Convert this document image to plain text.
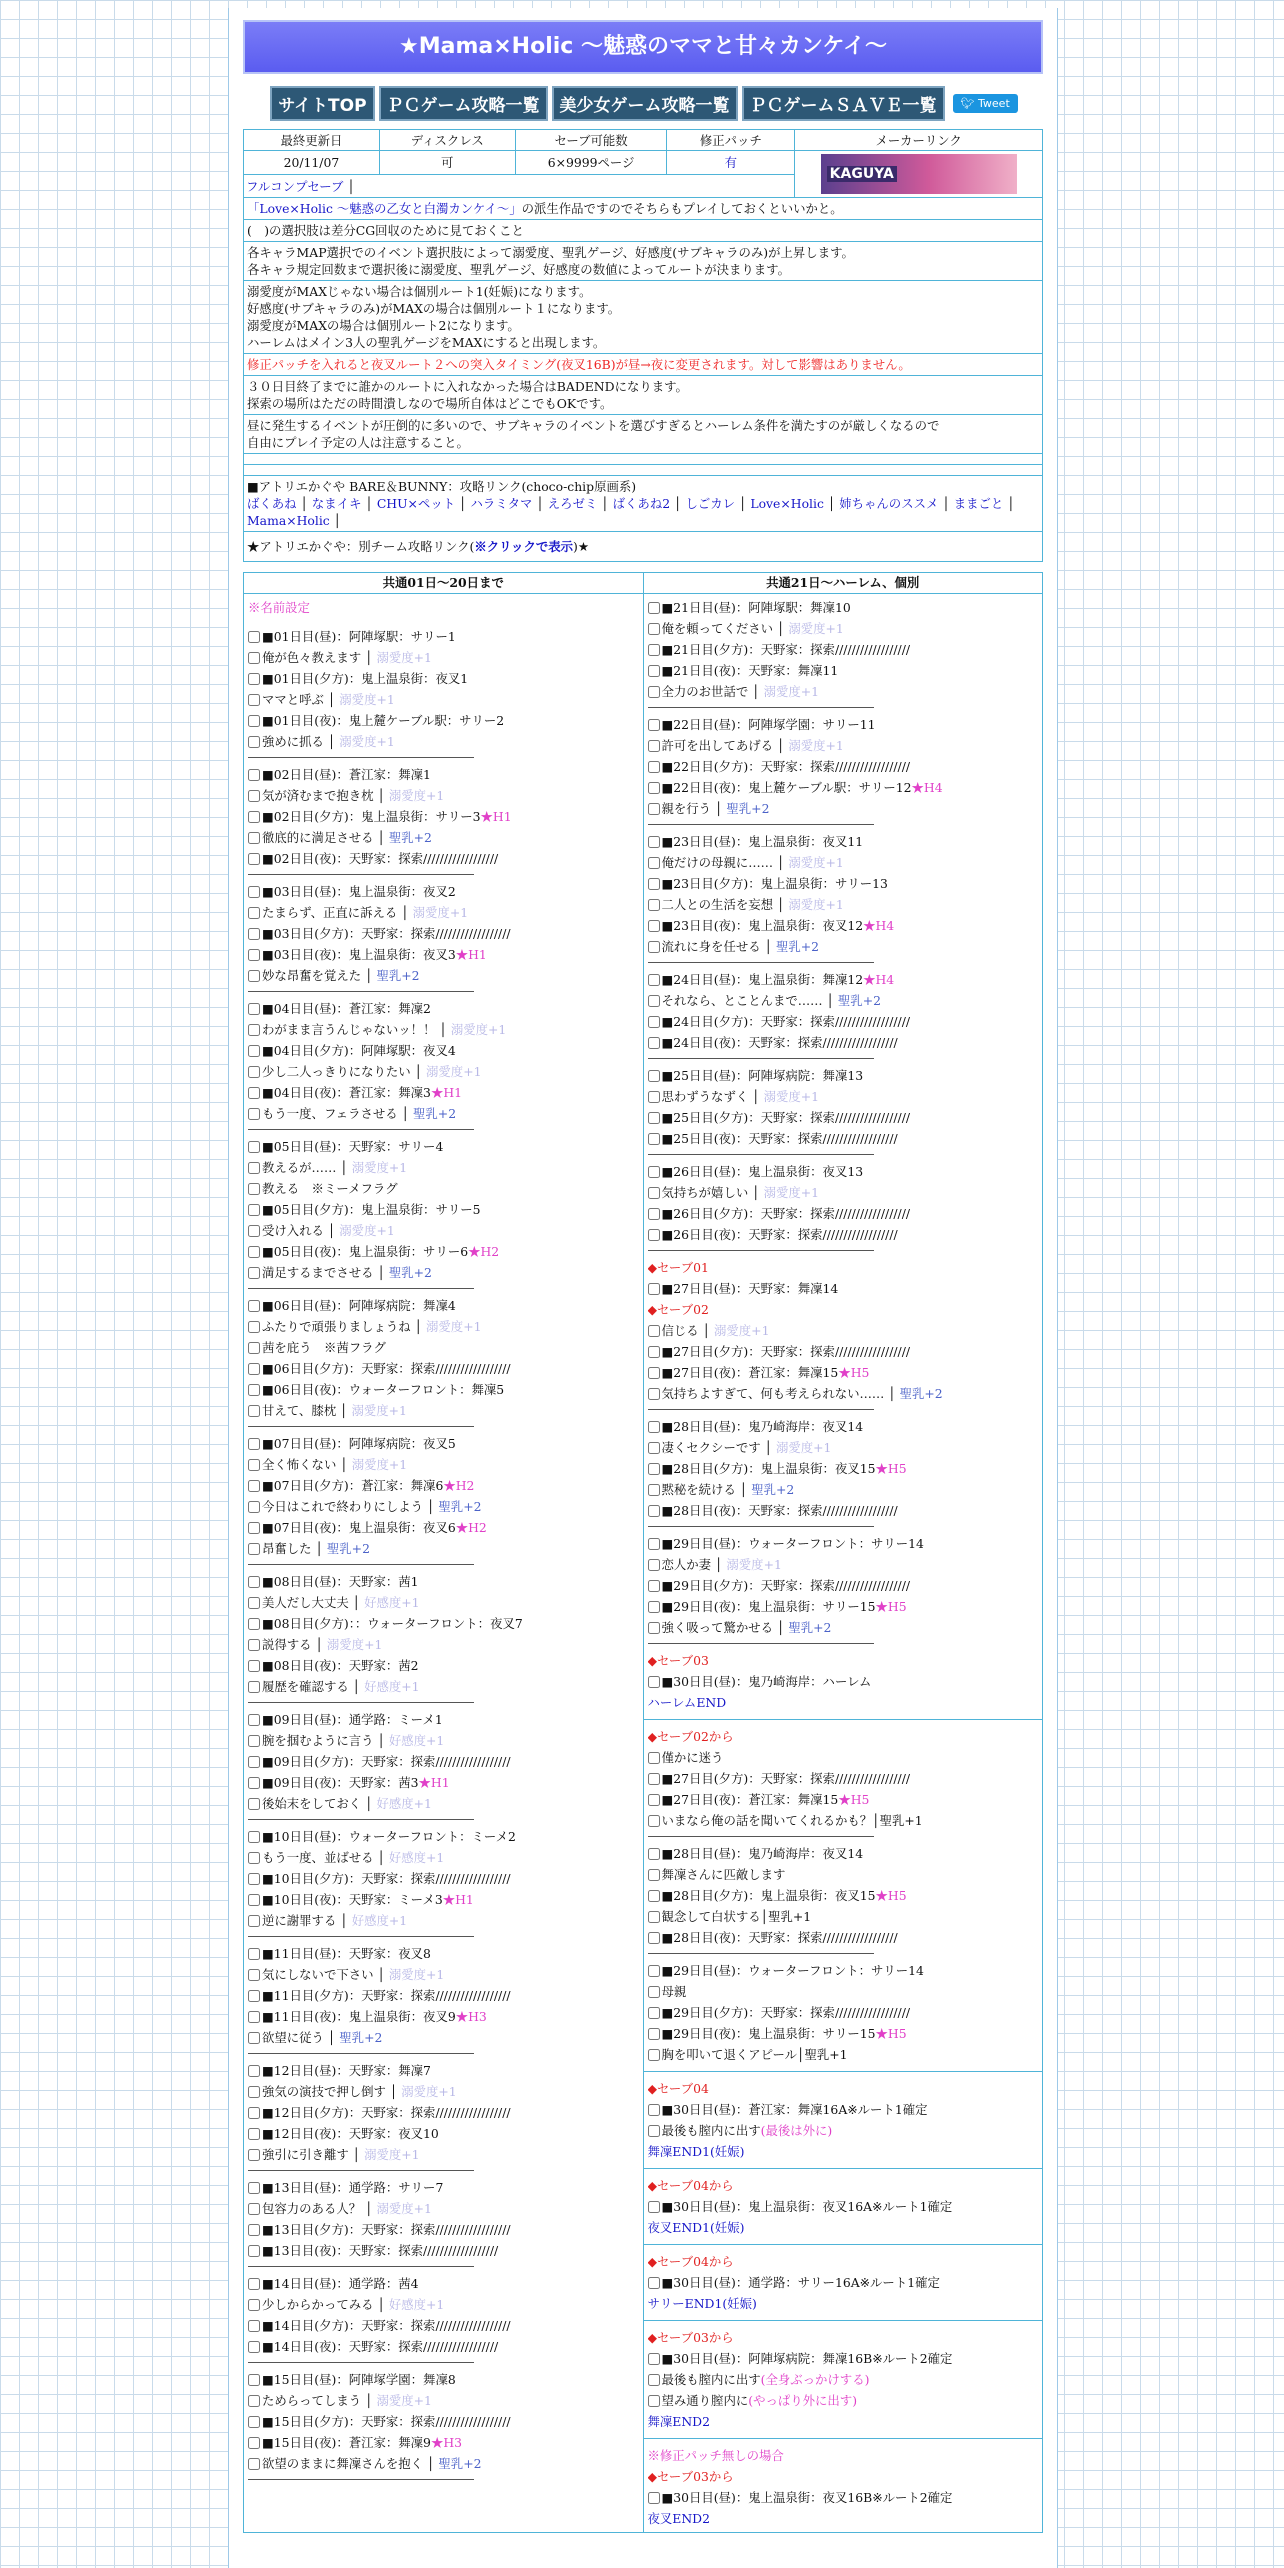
★Mama×Holic ～魅惑のママと甘々カンケイ～
サイトTOP ＰＣゲーム攻略一覧 美少女ゲーム攻略一覧 ＰＣゲームＳＡＶＥ一覧 🐦︎ Tweet
最終更新日	ディスクレス	セーブ可能数	修正パッチ	メーカーリンク
20/11/07	可	6×9999ページ	有	KAGUYA

フルコンプセーブ │				
「Love×Holic ～魅惑の乙女と白濁カンケイ～」の派生作品ですのでそちらもプレイしておくといいかと。
(　)の選択肢は差分CG回収のために見ておくこと
各キャラMAP選択でのイベント選択肢によって溺愛度、聖乳ゲージ、好感度(サブキャラのみ)が上昇します。
各キャラ規定回数まで選択後に溺愛度、聖乳ゲージ、好感度の数値によってルートが決まります。
溺愛度がMAXじゃない場合は個別ルート1(妊娠)になります。
好感度(サブキャラのみ)がMAXの場合は個別ルート１になります。
溺愛度がMAXの場合は個別ルート2になります。
ハーレムはメイン3人の聖乳ゲージをMAXにすると出現します。
修正パッチを入れると夜叉ルート２への突入タイミング(夜叉16B)が昼→夜に変更されます。対して影響はありません。
３０日目終了までに誰かのルートに入れなかった場合はBADENDになります。
探索の場所はただの時間潰しなので場所自体はどこでもOKです。
昼に発生するイベントが圧倒的に多いので、サブキャラのイベントを選びすぎるとハーレム条件を満たすのが厳しくなるので
自由にプレイ予定の人は注意すること。
■アトリエかぐや BARE＆BUNNY：攻略リンク(choco-chip原画系)
ばくあね │ なまイキ │ CHU×ペット │ ハラミタマ │ えろゼミ │ ばくあね2 │ しごカレ │ Love×Holic │ 姉ちゃんのススメ │ ままごと │ Mama×Holic │
★アトリエかぐや：別チーム攻略リンク(※クリックで表示)★
共通01日～20日まで
※名前設定
■01日目(昼)：阿陣塚駅：サリー1
俺が色々教えます │ 溺愛度+1
■01日目(夕方)：鬼上温泉街：夜叉1
ママと呼ぶ │ 溺愛度+1
■01日目(夜)：鬼上麓ケーブル駅：サリー2
強めに抓る │ 溺愛度+1
■02日目(昼)：蒼江家：舞凜1
気が済むまで抱き枕 │ 溺愛度+1
■02日目(夕方)：鬼上温泉街：サリー3★H1
徹底的に満足させる │ 聖乳+2
■02日目(夜)：天野家：探索//////////////////
■03日目(昼)：鬼上温泉街：夜叉2
たまらず、正直に訴える │ 溺愛度+1
■03日目(夕方)：天野家：探索//////////////////
■03日目(夜)：鬼上温泉街：夜叉3★H1
妙な昂奮を覚えた │ 聖乳+2
■04日目(昼)：蒼江家：舞凜2
わがまま言うんじゃないッ！！ │ 溺愛度+1
■04日目(夕方)：阿陣塚駅：夜叉4
少し二人っきりになりたい │ 溺愛度+1
■04日目(夜)：蒼江家：舞凜3★H1
もう一度、フェラさせる │ 聖乳+2
■05日目(昼)：天野家：サリー4
教えるが…… │ 溺愛度+1
教える　※ミーメフラグ
■05日目(夕方)：鬼上温泉街：サリー5
受け入れる │ 溺愛度+1
■05日目(夜)：鬼上温泉街：サリー6★H2
満足するまでさせる │ 聖乳+2
■06日目(昼)：阿陣塚病院：舞凜4
ふたりで頑張りましょうね │ 溺愛度+1
茜を庇う　※茜フラグ
■06日目(夕方)：天野家：探索//////////////////
■06日目(夜)：ウォーターフロント：舞凜5
甘えて、膝枕 │ 溺愛度+1
■07日目(昼)：阿陣塚病院：夜叉5
全く怖くない │ 溺愛度+1
■07日目(夕方)：蒼江家：舞凜6★H2
今日はこれで終わりにしよう │ 聖乳+2
■07日目(夜)：鬼上温泉街：夜叉6★H2
昂奮した │ 聖乳+2
■08日目(昼)：天野家：茜1
美人だし大丈夫 │ 好感度+1
■08日目(夕方)：：ウォーターフロント：夜叉7
説得する │ 溺愛度+1
■08日目(夜)：天野家：茜2
履歴を確認する │ 好感度+1
■09日目(昼)：通学路：ミーメ1
腕を掴むように言う │ 好感度+1
■09日目(夕方)：天野家：探索//////////////////
■09日目(夜)：天野家：茜3★H1
後始末をしておく │ 好感度+1
■10日目(昼)：ウォーターフロント：ミーメ2
もう一度、並ばせる │ 好感度+1
■10日目(夕方)：天野家：探索//////////////////
■10日目(夜)：天野家：ミーメ3★H1
逆に謝罪する │ 好感度+1
■11日目(昼)：天野家：夜叉8
気にしないで下さい │ 溺愛度+1
■11日目(夕方)：天野家：探索//////////////////
■11日目(夜)：鬼上温泉街：夜叉9★H3
欲望に従う │ 聖乳+2
■12日目(昼)：天野家：舞凜7
強気の演技で押し倒す │ 溺愛度+1
■12日目(夕方)：天野家：探索//////////////////
■12日目(夜)：天野家：夜叉10
強引に引き離す │ 溺愛度+1
■13日目(昼)：通学路：サリー7
包容力のある人？ │ 溺愛度+1
■13日目(夕方)：天野家：探索//////////////////
■13日目(夜)：天野家：探索//////////////////
■14日目(昼)：通学路：茜4
少しからかってみる │ 好感度+1
■14日目(夕方)：天野家：探索//////////////////
■14日目(夜)：天野家：探索//////////////////
■15日目(昼)：阿陣塚学園：舞凜8
ためらってしまう │ 溺愛度+1
■15日目(夕方)：天野家：探索//////////////////
■15日目(夜)：蒼江家：舞凜9★H3
欲望のままに舞凜さんを抱く │ 聖乳+2
共通21日～ハーレム、個別
■21日目(昼)：阿陣塚駅：舞凜10
俺を頼ってください │ 溺愛度+1
■21日目(夕方)：天野家：探索//////////////////
■21日目(夜)：天野家：舞凜11
全力のお世話で │ 溺愛度+1
■22日目(昼)：阿陣塚学園：サリー11
許可を出してあげる │ 溺愛度+1
■22日目(夕方)：天野家：探索//////////////////
■22日目(夜)：鬼上麓ケーブル駅：サリー12★H4
親を行う │ 聖乳+2
■23日目(昼)：鬼上温泉街：夜叉11
俺だけの母親に…… │ 溺愛度+1
■23日目(夕方)：鬼上温泉街：サリー13
二人との生活を妄想 │ 溺愛度+1
■23日目(夜)：鬼上温泉街：夜叉12★H4
流れに身を任せる │ 聖乳+2
■24日目(昼)：鬼上温泉街：舞凜12★H4
それなら、とことんまで…… │ 聖乳+2
■24日目(夕方)：天野家：探索//////////////////
■24日目(夜)：天野家：探索//////////////////
■25日目(昼)：阿陣塚病院：舞凜13
思わずうなずく │ 溺愛度+1
■25日目(夕方)：天野家：探索//////////////////
■25日目(夜)：天野家：探索//////////////////
■26日目(昼)：鬼上温泉街：夜叉13
気持ちが嬉しい │ 溺愛度+1
■26日目(夕方)：天野家：探索//////////////////
■26日目(夜)：天野家：探索//////////////////
◆セーブ01
■27日目(昼)：天野家：舞凜14
◆セーブ02
信じる │ 溺愛度+1
■27日目(夕方)：天野家：探索//////////////////
■27日目(夜)：蒼江家：舞凜15★H5
気持ちよすぎて、何も考えられない…… │ 聖乳+2
■28日目(昼)：鬼乃崎海岸：夜叉14
凄くセクシーです │ 溺愛度+1
■28日目(夕方)：鬼上温泉街：夜叉15★H5
黙秘を続ける │ 聖乳+2
■28日目(夜)：天野家：探索//////////////////
■29日目(昼)：ウォーターフロント：サリー14
恋人か妻 │ 溺愛度+1
■29日目(夕方)：天野家：探索//////////////////
■29日目(夜)：鬼上温泉街：サリー15★H5
強く吸って驚かせる │ 聖乳+2
◆セーブ03
■30日目(昼)：鬼乃崎海岸：ハーレム
ハーレムEND
◆セーブ02から
僅かに迷う
■27日目(夕方)：天野家：探索//////////////////
■27日目(夜)：蒼江家：舞凜15★H5
いまなら俺の話を聞いてくれるかも？│聖乳+1
■28日目(昼)：鬼乃崎海岸：夜叉14
舞凜さんに匹敵します
■28日目(夕方)：鬼上温泉街：夜叉15★H5
観念して白状する│聖乳+1
■28日目(夜)：天野家：探索//////////////////
■29日目(昼)：ウォーターフロント：サリー14
母親
■29日目(夕方)：天野家：探索//////////////////
■29日目(夜)：鬼上温泉街：サリー15★H5
胸を叩いて退くアピール│聖乳+1
◆セーブ04
■30日目(昼)：蒼江家：舞凜16A※ルート1確定
最後も膣内に出す(最後は外に)
舞凜END1(妊娠)
◆セーブ04から
■30日目(昼)：鬼上温泉街：夜叉16A※ルート1確定
夜叉END1(妊娠)
◆セーブ04から
■30日目(昼)：通学路：サリー16A※ルート1確定
サリーEND1(妊娠)
◆セーブ03から
■30日目(昼)：阿陣塚病院：舞凜16B※ルート2確定
最後も膣内に出す(全身ぶっかけする)
望み通り膣内に(やっぱり外に出す)
舞凜END2
※修正パッチ無しの場合
◆セーブ03から
■30日目(昼)：鬼上温泉街：夜叉16B※ルート2確定
夜叉END2
